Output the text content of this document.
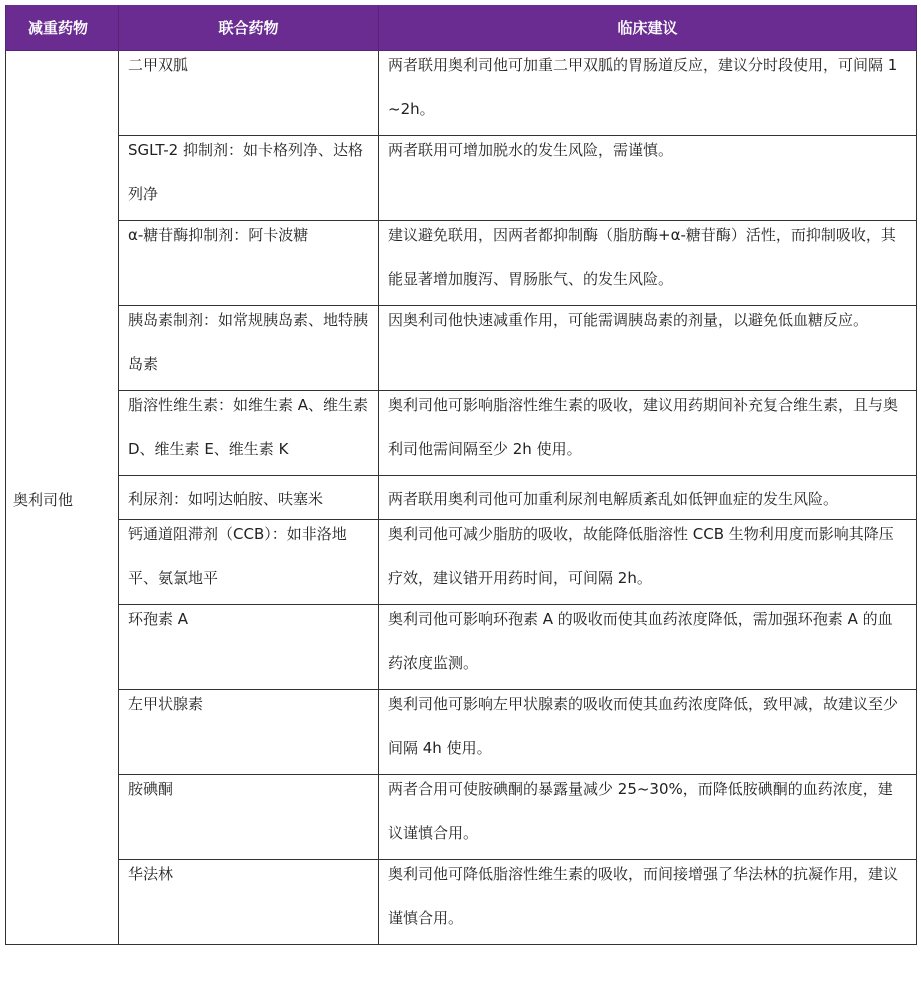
减重药物	联合药物	临床建议
奥利司他	二甲双胍	两者联用奥利司他可加重二甲双胍的胃肠道反应，建议分时段使用，可间隔 1~2h。

	SGLT-2 抑制剂：如卡格列净、达格列净	两者联用可增加脱水的发生风险，需谨慎。

	α-糖苷酶抑制剂：阿卡波糖	建议避免联用，因两者都抑制酶（脂肪酶+α-糖苷酶）活性，而抑制吸收，其能显著增加腹泻、胃肠胀气、的发生风险。

	胰岛素制剂：如常规胰岛素、地特胰岛素	因奥利司他快速减重作用，可能需调胰岛素的剂量，以避免低血糖反应。

	脂溶性维生素：如维生素 A、维生素 D、维生素 E、维生素 K	奥利司他可影响脂溶性维生素的吸收，建议用药期间补充复合维生素，且与奥利司他需间隔至少 2h 使用。

	利尿剂：如吲达帕胺、呋塞米	两者联用奥利司他可加重利尿剂电解质紊乱如低钾血症的发生风险。

	钙通道阻滞剂（CCB）：如非洛地平、氨氯地平	奥利司他可减少脂肪的吸收，故能降低脂溶性 CCB 生物利用度而影响其降压疗效，建议错开用药时间，可间隔 2h。

	环孢素 A	奥利司他可影响环孢素 A 的吸收而使其血药浓度降低，需加强环孢素 A 的血药浓度监测。

	左甲状腺素	奥利司他可影响左甲状腺素的吸收而使其血药浓度降低，致甲减，故建议至少间隔 4h 使用。

	胺碘酮	两者合用可使胺碘酮的暴露量减少 25~30%，而降低胺碘酮的血药浓度，建议谨慎合用。

	华法林	奥利司他可降低脂溶性维生素的吸收，而间接增强了华法林的抗凝作用，建议谨慎合用。
